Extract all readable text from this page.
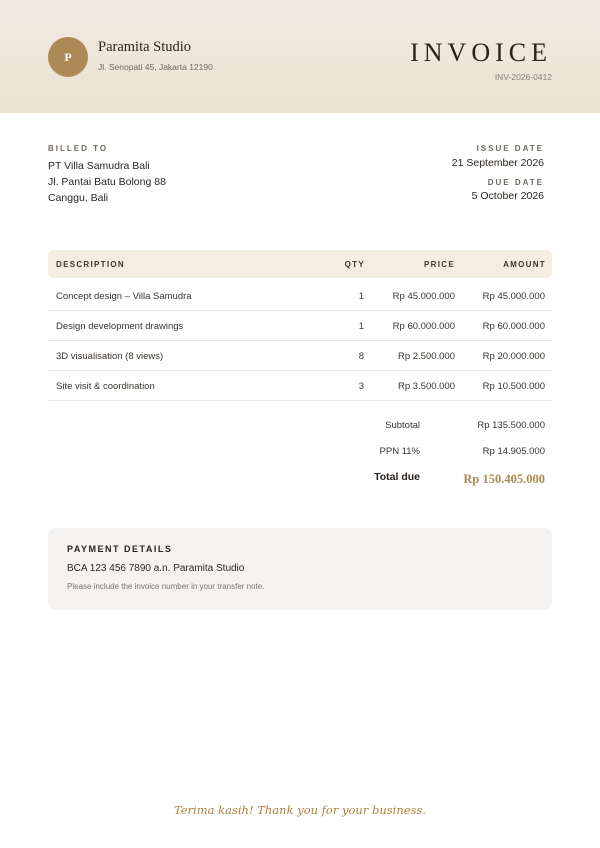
P
Paramita Studio
Jl. Senopati 45, Jakarta 12190	INVOICE
INV-2026-0412
BILLED TO
PT Villa Samudra Bali
Jl. Pantai Batu Bolong 88
Canggu, Bali
ISSUE DATE
21 September 2026
DUE DATE
5 October 2026
DESCRIPTION	QTY	PRICE	AMOUNT
Concept design – Villa Samudra	1	Rp 45.000.000	Rp 45.000.000
Design development drawings	1	Rp 60.000.000	Rp 60.000.000
3D visualisation (8 views)	8	Rp 2.500.000	Rp 20.000.000
Site visit & coordination	3	Rp 3.500.000	Rp 10.500.000
Subtotal	Rp 135.500.000
PPN 11%	Rp 14.905.000
Total due	Rp 150.405.000
PAYMENT DETAILS
BCA 123 456 7890 a.n. Paramita Studio
Please include the invoice number in your transfer note.
Terima kasih! Thank you for your business.
